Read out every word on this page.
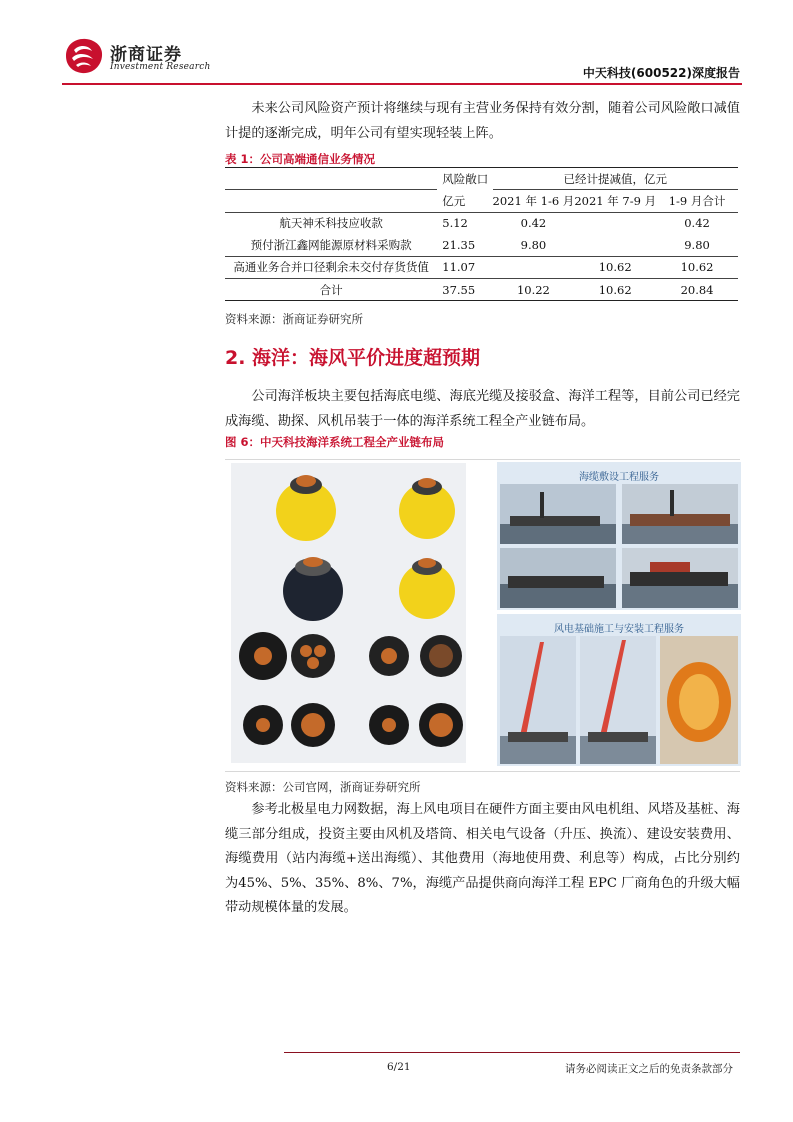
浙商证券
Investment Research	中天科技(600522)深度报告
未来公司风险资产预计将继续与现有主营业务保持有效分割，随着公司风险敞口减值计提的逐渐完成，明年公司有望实现轻装上阵。
表 1：公司高端通信业务情况
	风险敞口	已经计提减值，亿元		
	亿元	2021 年 1-6 月	2021 年 7-9 月	1-9 月合计
航天神禾科技应收款	5.12	0.42		0.42
预付浙江鑫网能源原材料采购款	21.35	9.80		9.80
高通业务合并口径剩余未交付存货货值	11.07		10.62	10.62
合计	37.55	10.22	10.62	20.84
资料来源：浙商证券研究所
2. 海洋：海风平价进度超预期
公司海洋板块主要包括海底电缆、海底光缆及接驳盒、海洋工程等，目前公司已经完成海缆、勘探、风机吊装于一体的海洋系统工程全产业链布局。
图 6：中天科技海洋系统工程全产业链布局
海缆敷设工程服务
风电基础施工与安装工程服务
资料来源：公司官网，浙商证券研究所
参考北极星电力网数据，海上风电项目在硬件方面主要由风电机组、风塔及基桩、海缆三部分组成，投资主要由风机及塔筒、相关电气设备（升压、换流）、建设安装费用、海缆费用（站内海缆+送出海缆）、其他费用（海地使用费、利息等）构成，占比分别约为45%、5%、35%、8%、7%，海缆产品提供商向海洋工程 EPC 厂商角色的升级大幅带动规模体量的发展。
6/21	请务必阅读正文之后的免责条款部分
